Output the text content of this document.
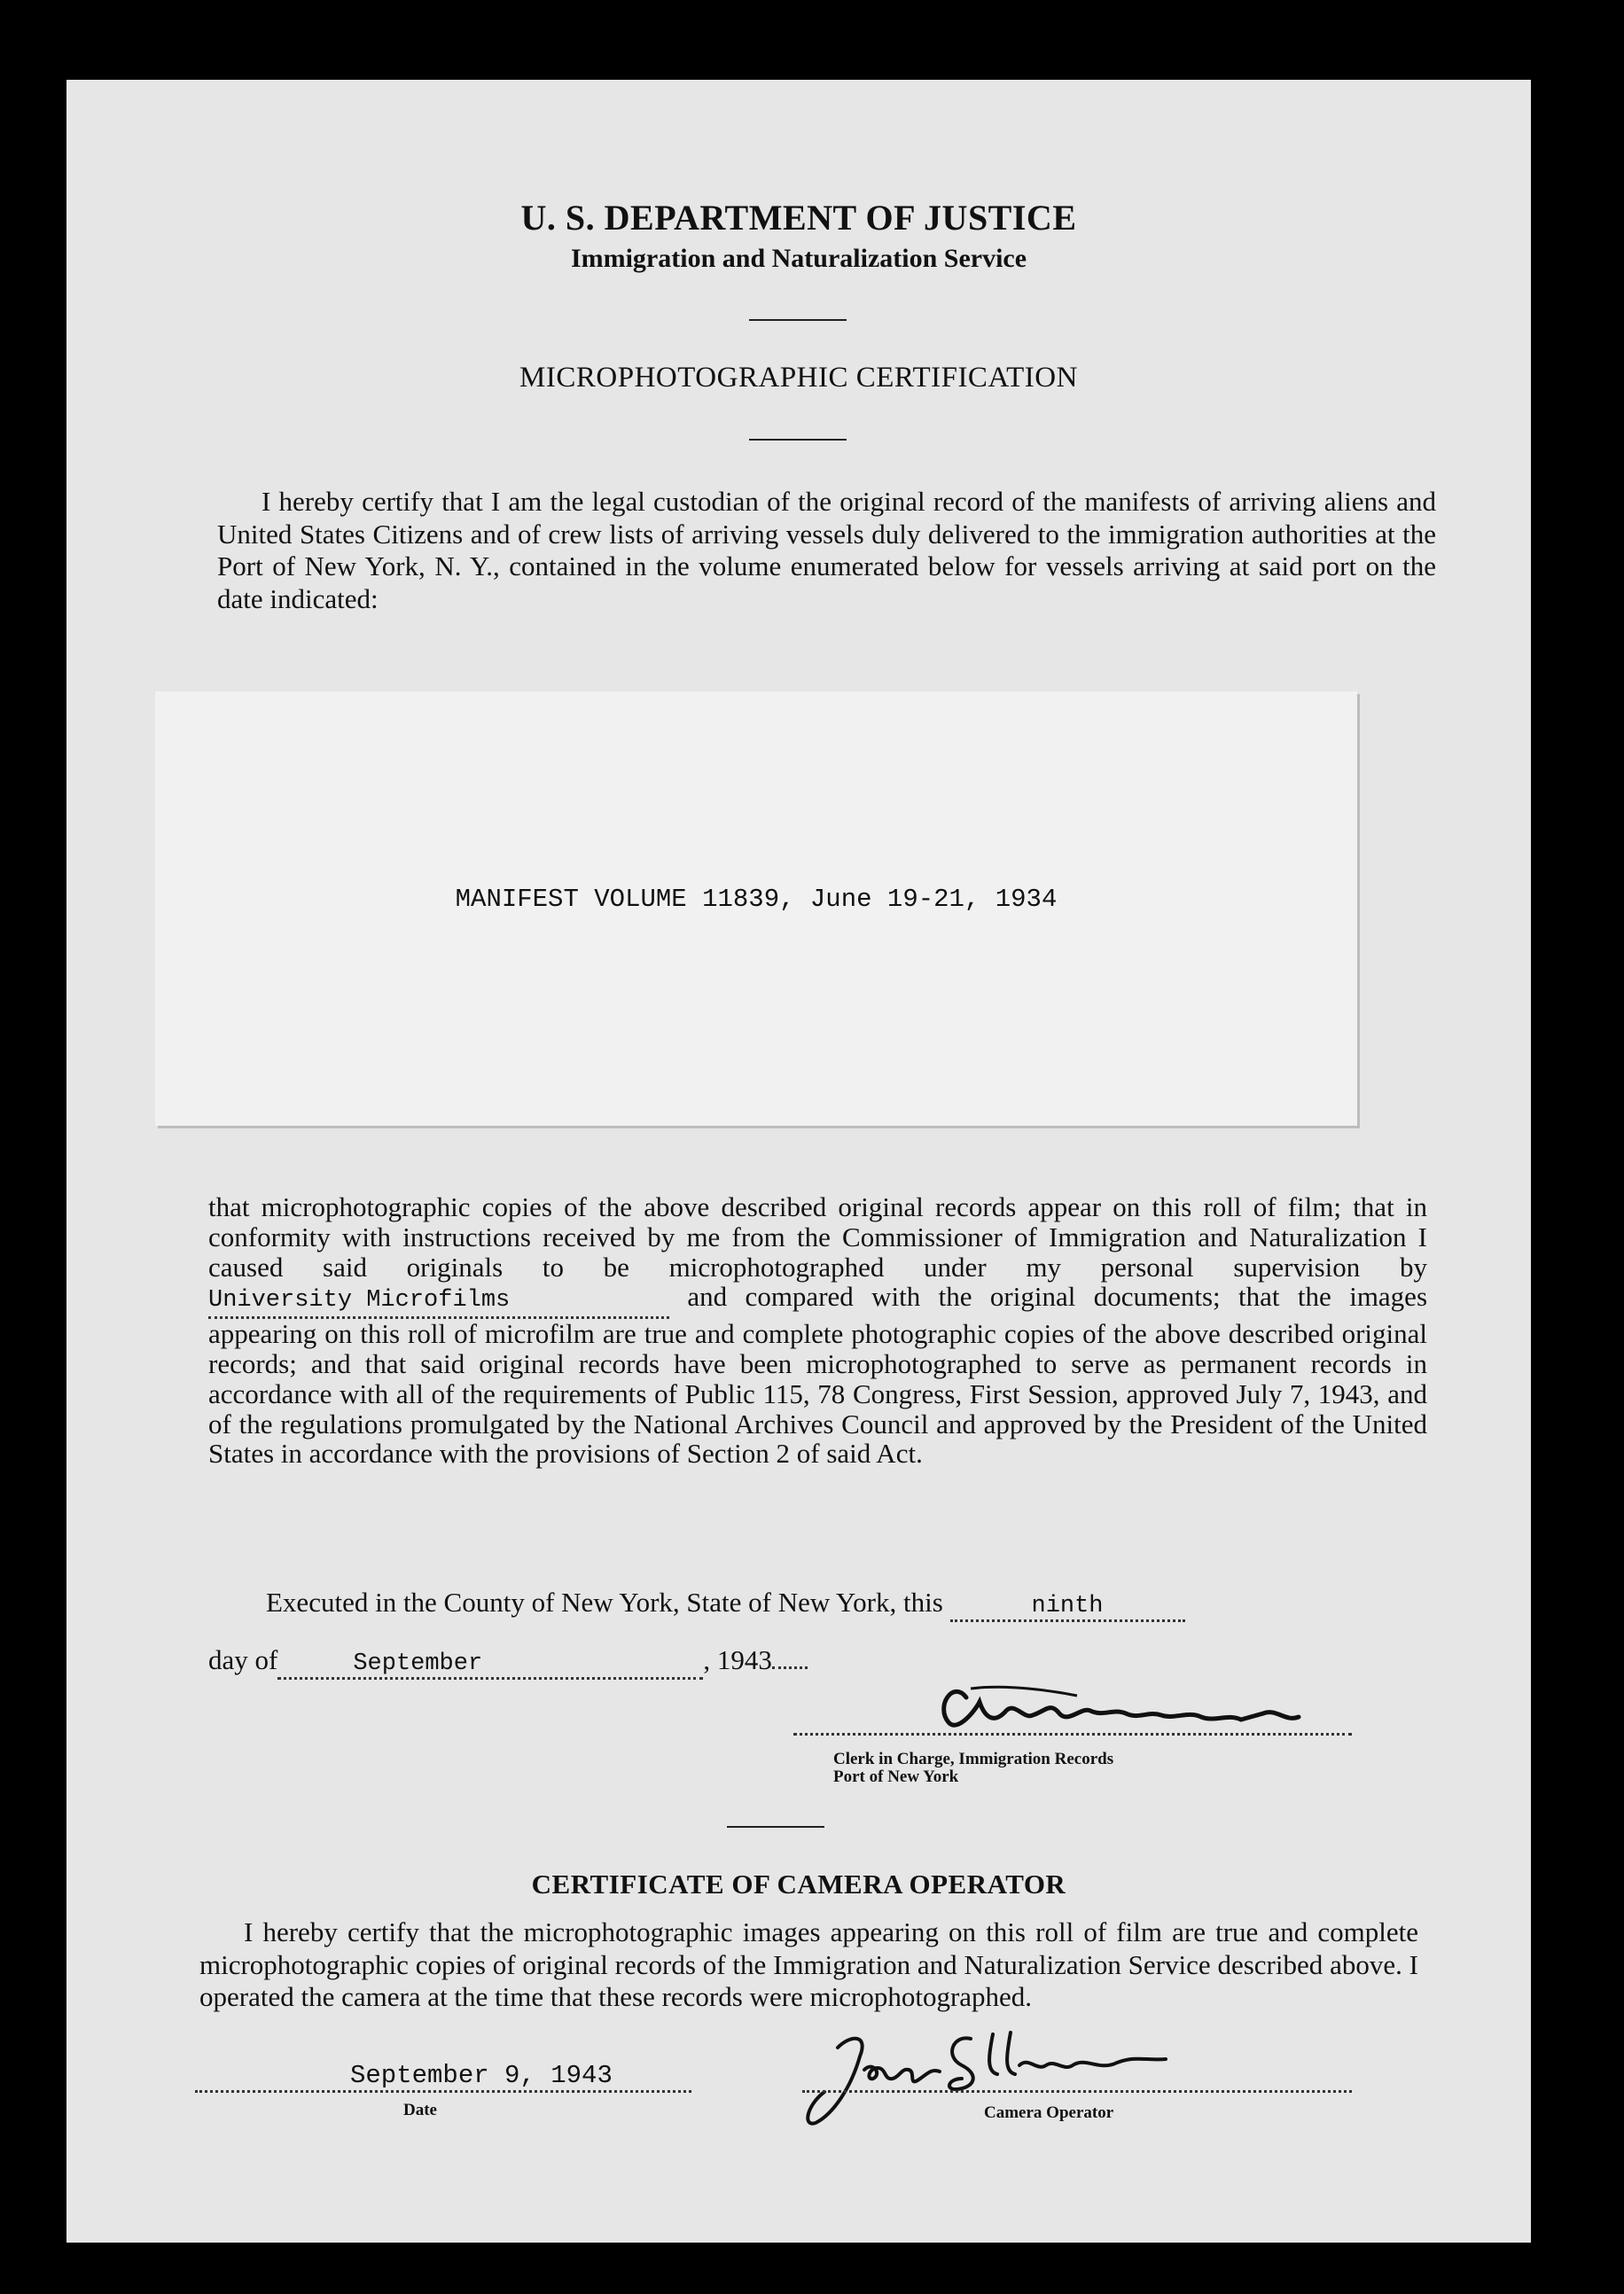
U. S. DEPARTMENT OF JUSTICE
Immigration and Naturalization Service
MICROPHOTOGRAPHIC CERTIFICATION
I hereby certify that I am the legal custodian of the original record of the manifests of arriving aliens and United States Citizens and of crew lists of arriving vessels duly delivered to the immigration authorities at the Port of New York, N. Y., contained in the volume enumerated below for vessels arriving at said port on the date indicated:
MANIFEST VOLUME 11839, June 19-21, 1934
that microphotographic copies of the above described original records appear on this roll of film; that in conformity with instructions received by me from the Commissioner of Immigration and Naturalization I caused said originals to be microphotographed under my personal supervision byUniversity Microfilms	and compared with the original documents; that the images appearing on this roll of microfilm are true and complete photographic copies of the above described original records; and that said original records have been microphotographed to serve as permanent records in accordance with all of the requirements of Public 115, 78 Congress, First Session, approved July 7, 1943, and of the regulations promulgated by the National Archives Council and approved by the President of the United States in accordance with the provisions of Section 2 of said Act.
Executed in the County of New York, State of New York, this	ninth
day of	September	, 1943
Clerk in Charge, Immigration Records
Port of New York
CERTIFICATE OF CAMERA OPERATOR
I hereby certify that the microphotographic images appearing on this roll of film are true and complete microphotographic copies of original records of the Immigration and Naturalization Service described above. I operated the camera at the time that these records were microphotographed.
September 9, 1943
Date	Camera Operator
